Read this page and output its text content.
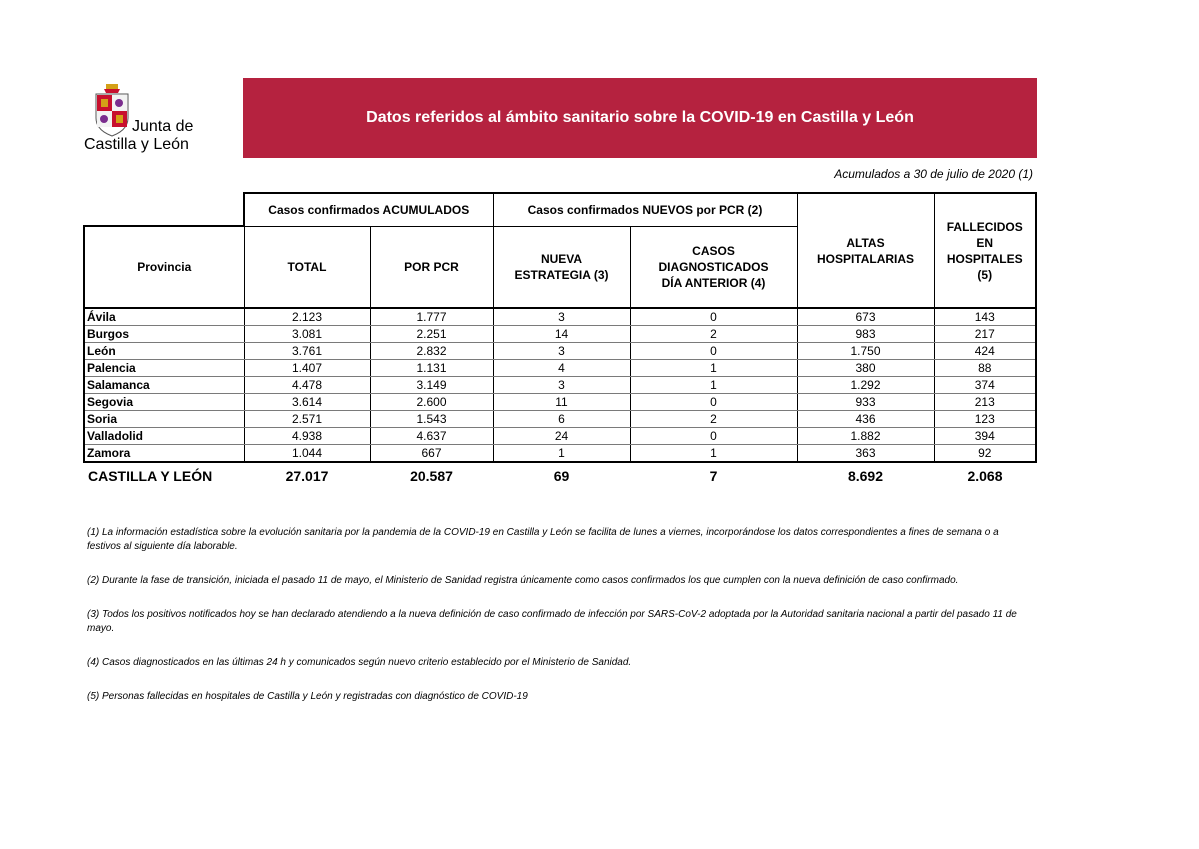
Junta de
Castilla y León
Datos referidos al ámbito sanitario sobre la COVID-19 en Castilla y León
Acumulados a 30 de julio de 2020 (1)
	Casos confirmados ACUMULADOS		Casos confirmados NUEVOS por PCR (2)		ALTAS HOSPITALARIAS	FALLECIDOS EN HOSPITALES (5)
Provincia	TOTAL	POR PCR	NUEVA ESTRATEGIA (3)	CASOS DIAGNOSTICADOS DÍA ANTERIOR (4)		
Ávila	2.123	1.777	3	0	673	143
Burgos	3.081	2.251	14	2	983	217
León	3.761	2.832	3	0	1.750	424
Palencia	1.407	1.131	4	1	380	88
Salamanca	4.478	3.149	3	1	1.292	374
Segovia	3.614	2.600	11	0	933	213
Soria	2.571	1.543	6	2	436	123
Valladolid	4.938	4.637	24	0	1.882	394
Zamora	1.044	667	1	1	363	92
CASTILLA Y LEÓN	27.017	20.587	69	7	8.692	2.068

(1) La información estadística sobre la evolución sanitaria por la pandemia de la COVID-19 en Castilla y León se facilita de lunes a viernes, incorporándose los datos correspondientes a fines de semana o a festivos al siguiente día laborable.

(2) Durante la fase de transición, iniciada el pasado 11 de mayo, el Ministerio de Sanidad registra únicamente como casos confirmados los que cumplen con la nueva definición de caso confirmado.

(3) Todos los positivos notificados hoy se han declarado atendiendo a la nueva definición de caso confirmado de infección por SARS-CoV-2 adoptada por la Autoridad sanitaria nacional a partir del pasado 11 de mayo.

(4) Casos diagnosticados en las últimas 24 h y comunicados según nuevo criterio establecido por el Ministerio de Sanidad.

(5) Personas fallecidas en hospitales de Castilla y León y registradas con diagnóstico de COVID-19
